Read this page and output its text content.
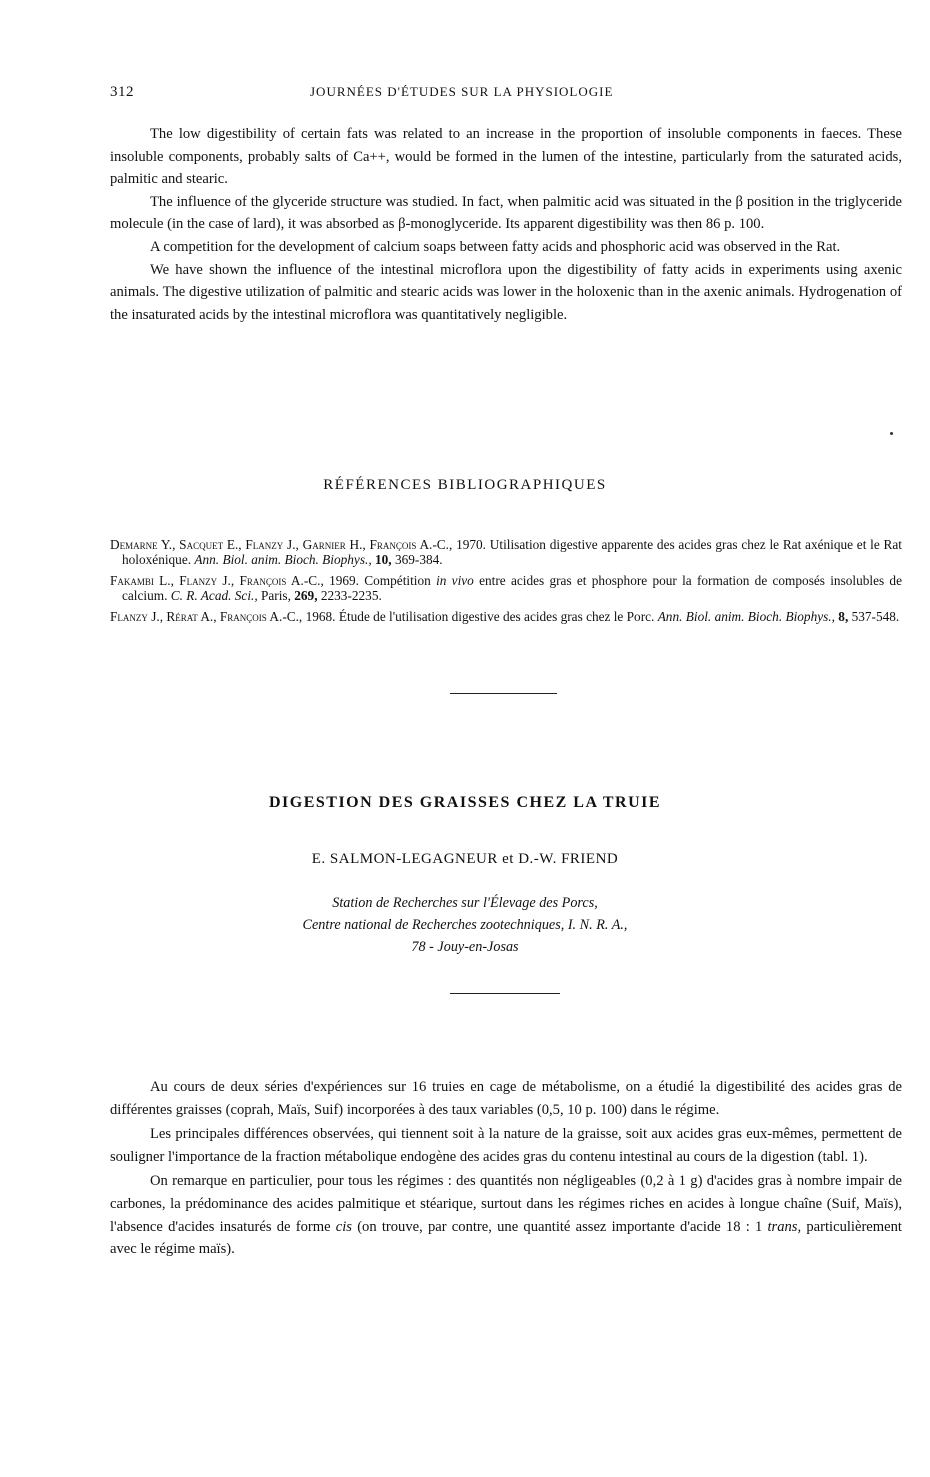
312	JOURNÉES D'ÉTUDES SUR LA PHYSIOLOGIE

The low digestibility of certain fats was related to an increase in the proportion of insoluble components in faeces. These insoluble components, probably salts of Ca++, would be formed in the lumen of the intestine, particularly from the saturated acids, palmitic and stearic.

The influence of the glyceride structure was studied. In fact, when palmitic acid was situated in the β position in the triglyceride molecule (in the case of lard), it was absorbed as β-monoglyceride. Its apparent digestibility was then 86 p. 100.

A competition for the development of calcium soaps between fatty acids and phosphoric acid was observed in the Rat.

We have shown the influence of the intestinal microflora upon the digestibility of fatty acids in experiments using axenic animals. The digestive utilization of palmitic and stearic acids was lower in the holoxenic than in the axenic animals. Hydrogenation of the insaturated acids by the intestinal microflora was quantitatively negligible.

RÉFÉRENCES BIBLIOGRAPHIQUES

Demarne Y., Sacquet E., Flanzy J., Garnier H., François A.-C., 1970. Utilisation digestive apparente des acides gras chez le Rat axénique et le Rat holoxénique. Ann. Biol. anim. Bioch. Biophys., 10, 369-384.

Fakambi L., Flanzy J., François A.-C., 1969. Compétition in vivo entre acides gras et phosphore pour la formation de composés insolubles de calcium. C. R. Acad. Sci., Paris, 269, 2233-2235.

Flanzy J., Rérat A., François A.-C., 1968. Étude de l'utilisation digestive des acides gras chez le Porc. Ann. Biol. anim. Bioch. Biophys., 8, 537-548.

DIGESTION DES GRAISSES CHEZ LA TRUIE
E. SALMON-LEGAGNEUR et D.-W. FRIEND
Station de Recherches sur l'Élevage des Porcs,
Centre national de Recherches zootechniques, I. N. R. A.,
78 - Jouy-en-Josas

Au cours de deux séries d'expériences sur 16 truies en cage de métabolisme, on a étudié la digestibilité des acides gras de différentes graisses (coprah, Maïs, Suif) incorporées à des taux variables (0,5, 10 p. 100) dans le régime.

Les principales différences observées, qui tiennent soit à la nature de la graisse, soit aux acides gras eux-mêmes, permettent de souligner l'importance de la fraction métabolique endogène des acides gras du contenu intestinal au cours de la digestion (tabl. 1).

On remarque en particulier, pour tous les régimes : des quantités non négligeables (0,2 à 1 g) d'acides gras à nombre impair de carbones, la prédominance des acides palmitique et stéarique, surtout dans les régimes riches en acides à longue chaîne (Suif, Maïs), l'absence d'acides insaturés de forme cis (on trouve, par contre, une quantité assez importante d'acide 18 : 1 trans, particulièrement avec le régime maïs).
